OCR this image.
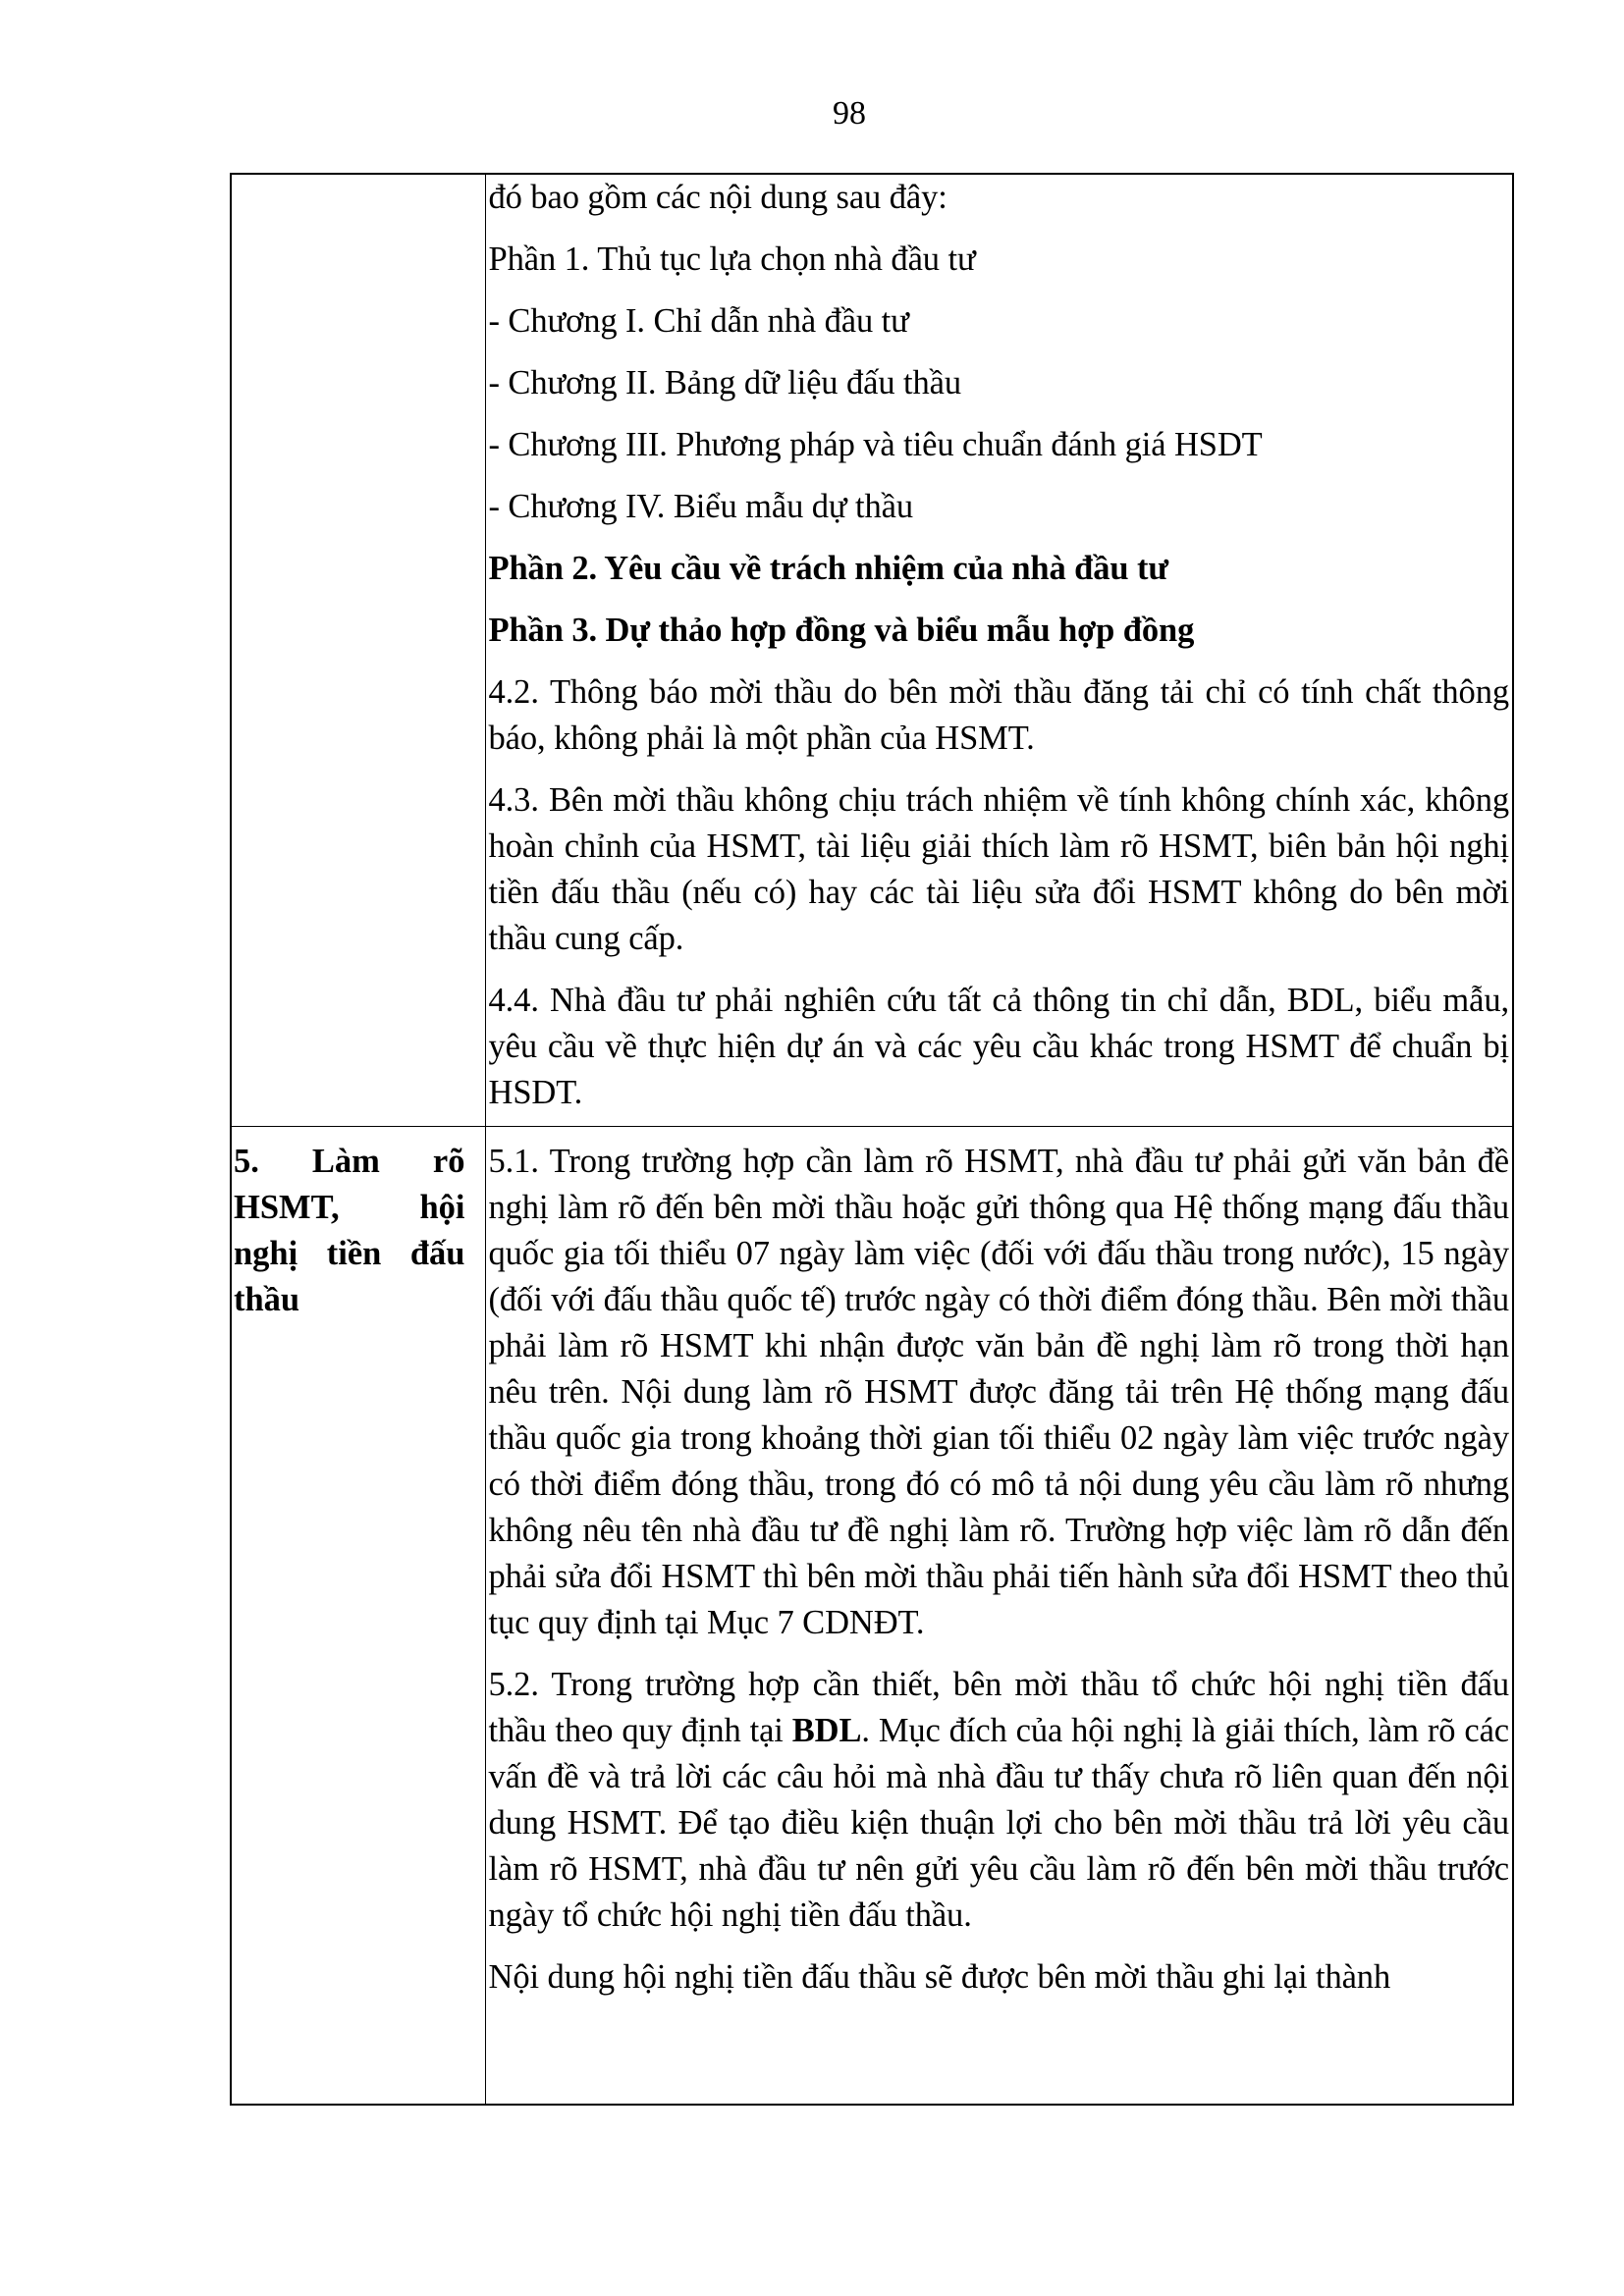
98

đó bao gồm các nội dung sau đây:

Phần 1. Thủ tục lựa chọn nhà đầu tư

- Chương I. Chỉ dẫn nhà đầu tư

- Chương II. Bảng dữ liệu đấu thầu

- Chương III. Phương pháp và tiêu chuẩn đánh giá HSDT

- Chương IV. Biểu mẫu dự thầu

Phần 2. Yêu cầu về trách nhiệm của nhà đầu tư

Phần 3. Dự thảo hợp đồng và biểu mẫu hợp đồng

4.2. Thông báo mời thầu do bên mời thầu đăng tải chỉ có tính chất thông báo, không phải là một phần của HSMT.

4.3. Bên mời thầu không chịu trách nhiệm về tính không chính xác, không hoàn chỉnh của HSMT, tài liệu giải thích làm rõ HSMT, biên bản hội nghị tiền đấu thầu (nếu có) hay các tài liệu sửa đổi HSMT không do bên mời thầu cung cấp.

4.4. Nhà đầu tư phải nghiên cứu tất cả thông tin chỉ dẫn, BDL, biểu mẫu, yêu cầu về thực hiện dự án và các yêu cầu khác trong HSMT để chuẩn bị HSDT.

5. Làm rõ HSMT, hội nghị tiền đấu thầu	5.1. Trong trường hợp cần làm rõ HSMT, nhà đầu tư phải gửi văn bản đề nghị làm rõ đến bên mời thầu hoặc gửi thông qua Hệ thống mạng đấu thầu quốc gia tối thiểu 07 ngày làm việc (đối với đấu thầu trong nước), 15 ngày (đối với đấu thầu quốc tế) trước ngày có thời điểm đóng thầu. Bên mời thầu phải làm rõ HSMT khi nhận được văn bản đề nghị làm rõ trong thời hạn nêu trên. Nội dung làm rõ HSMT được đăng tải trên Hệ thống mạng đấu thầu quốc gia trong khoảng thời gian tối thiểu 02 ngày làm việc trước ngày có thời điểm đóng thầu, trong đó có mô tả nội dung yêu cầu làm rõ nhưng không nêu tên nhà đầu tư đề nghị làm rõ. Trường hợp việc làm rõ dẫn đến phải sửa đổi HSMT thì bên mời thầu phải tiến hành sửa đổi HSMT theo thủ tục quy định tại Mục 7 CDNĐT.

5.2. Trong trường hợp cần thiết, bên mời thầu tổ chức hội nghị tiền đấu thầu theo quy định tại BDL. Mục đích của hội nghị là giải thích, làm rõ các vấn đề và trả lời các câu hỏi mà nhà đầu tư thấy chưa rõ liên quan đến nội dung HSMT. Để tạo điều kiện thuận lợi cho bên mời thầu trả lời yêu cầu làm rõ HSMT, nhà đầu tư nên gửi yêu cầu làm rõ đến bên mời thầu trước ngày tổ chức hội nghị tiền đấu thầu.

Nội dung hội nghị tiền đấu thầu sẽ được bên mời thầu ghi lại thành
